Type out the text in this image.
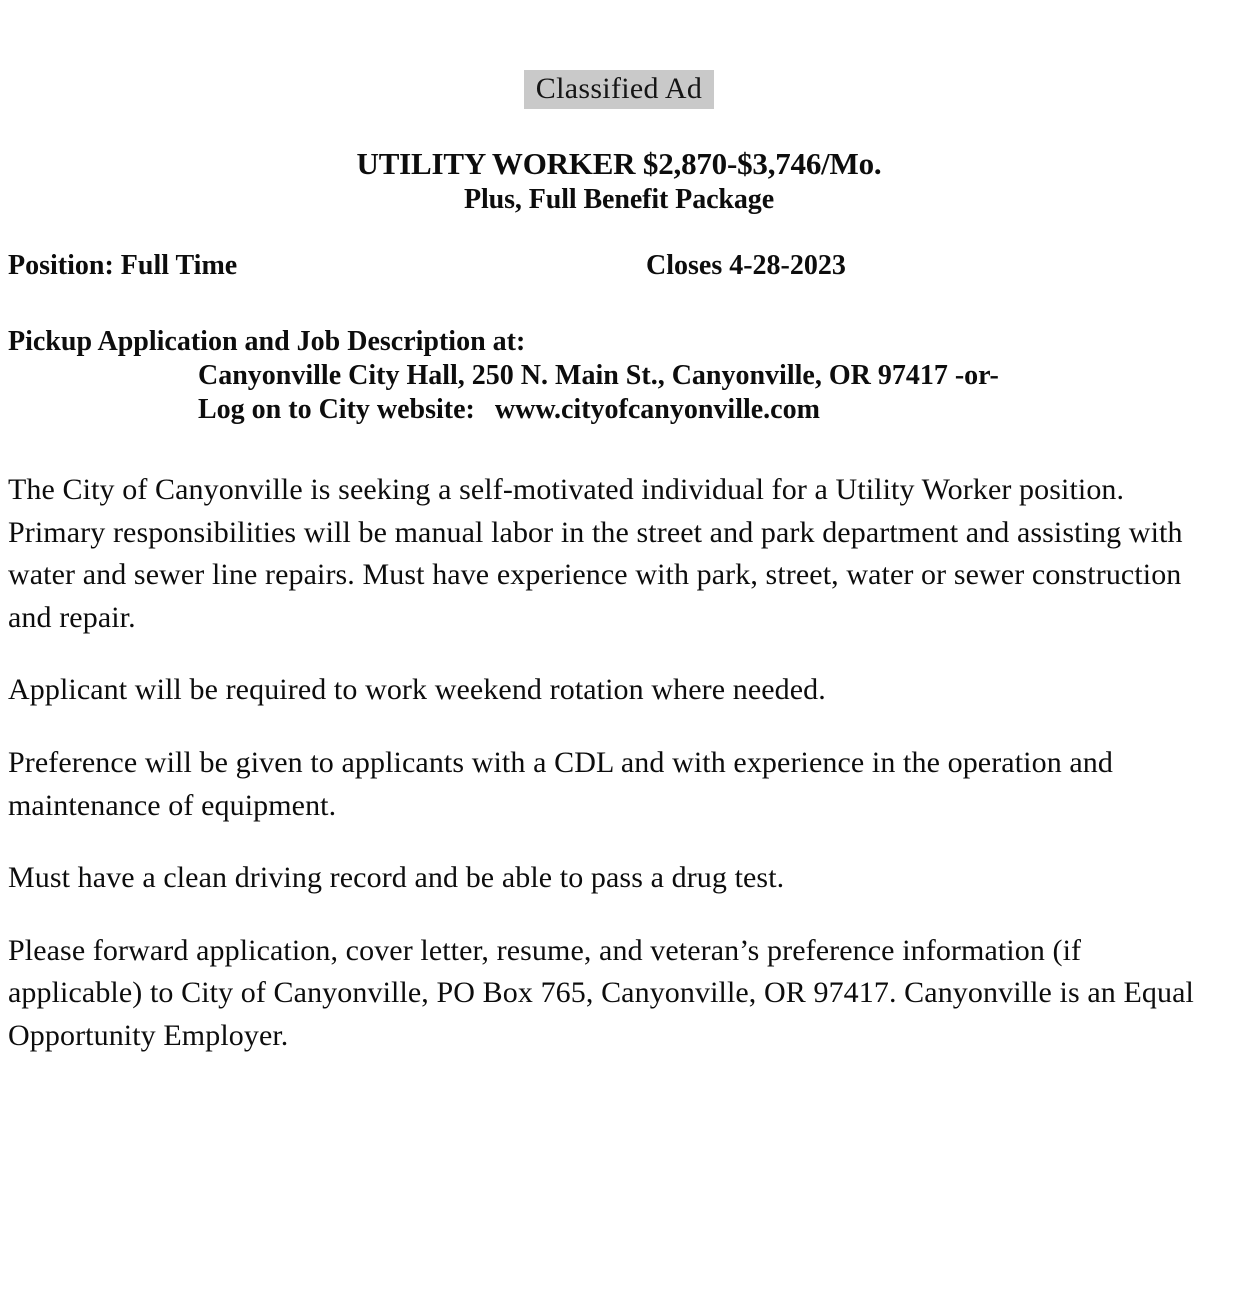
Classified Ad
UTILITY WORKER $2,870-$3,746/Mo.
Plus, Full Benefit Package
Position: Full Time	Closes 4-28-2023
Pickup Application and Job Description at:
Canyonville City Hall, 250 N. Main St., Canyonville, OR 97417 -or-
Log on to City website: www.cityofcanyonville.com

The City of Canyonville is seeking a self-motivated individual for a Utility Worker position. Primary responsibilities will be manual labor in the street and park department and assisting with water and sewer line repairs. Must have experience with park, street, water or sewer construction and repair.

Applicant will be required to work weekend rotation where needed.

Preference will be given to applicants with a CDL and with experience in the operation and maintenance of equipment.

Must have a clean driving record and be able to pass a drug test.

Please forward application, cover letter, resume, and veteran’s preference information (if applicable) to City of Canyonville, PO Box 765, Canyonville, OR 97417. Canyonville is an Equal Opportunity Employer.
